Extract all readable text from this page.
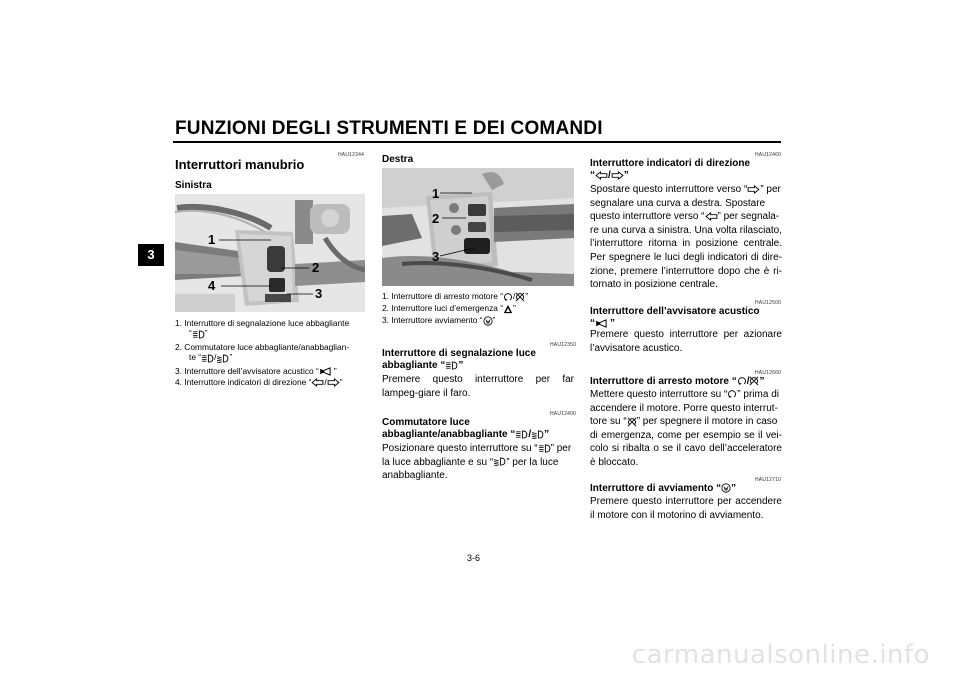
FUNZIONI DEGLI STRUMENTI E DEI COMANDI
3
HAU12344
Interruttori manubrio
Sinistra
1
2
4
3
1. Interruttore di segnalazione luce abbagliante
“ ”
2. Commutatore luce abbagliante/anabbaglian-
te “ / ”
3. Interruttore dell’avvisatore acustico “ ”
4. Interruttore indicatori di direzione “ / ”
Destra
1
2
3
1. Interruttore di arresto motore “ / ”
2. Interruttore luci d’emergenza “ ”
3. Interruttore avviamento “ ”
HAU12350
Interruttore di segnalazione luce
abbagliante “ ”
Premere questo interruttore per far lampeg-giare il faro.
HAU12400
Commutatore luce
abbagliante/anabbagliante “ / ”
Posizionare questo interruttore su “ ” per
la luce abbagliante e su “ ” per la luce
anabbagliante.
HAU12460
Interruttore indicatori di direzione
“ / ”
Spostare questo interruttore verso “ ” per
segnalare una curva a destra. Spostare
questo interruttore verso “ ” per segnala-
re una curva a sinistra. Una volta rilasciato, l’interruttore ritorna in posizione centrale. Per spegnere le luci degli indicatori di dire-zione, premere l’interruttore dopo che è ri-tornato in posizione centrale.
HAU12500
Interruttore dell’avvisatore acustico
“ ”
Premere questo interruttore per azionare l’avvisatore acustico.
HAU12660
Interruttore di arresto motore “ / ”
Mettere questo interruttore su “ ” prima di
accendere il motore. Porre questo interrut-
tore su “ ” per spegnere il motore in caso
di emergenza, come per esempio se il vei-colo si ribalta o se il cavo dell’acceleratore è bloccato.
HAU12710
Interruttore di avviamento “ ”
Premere questo interruttore per accendere il motore con il motorino di avviamento.
3-6
carmanualsonline.info
